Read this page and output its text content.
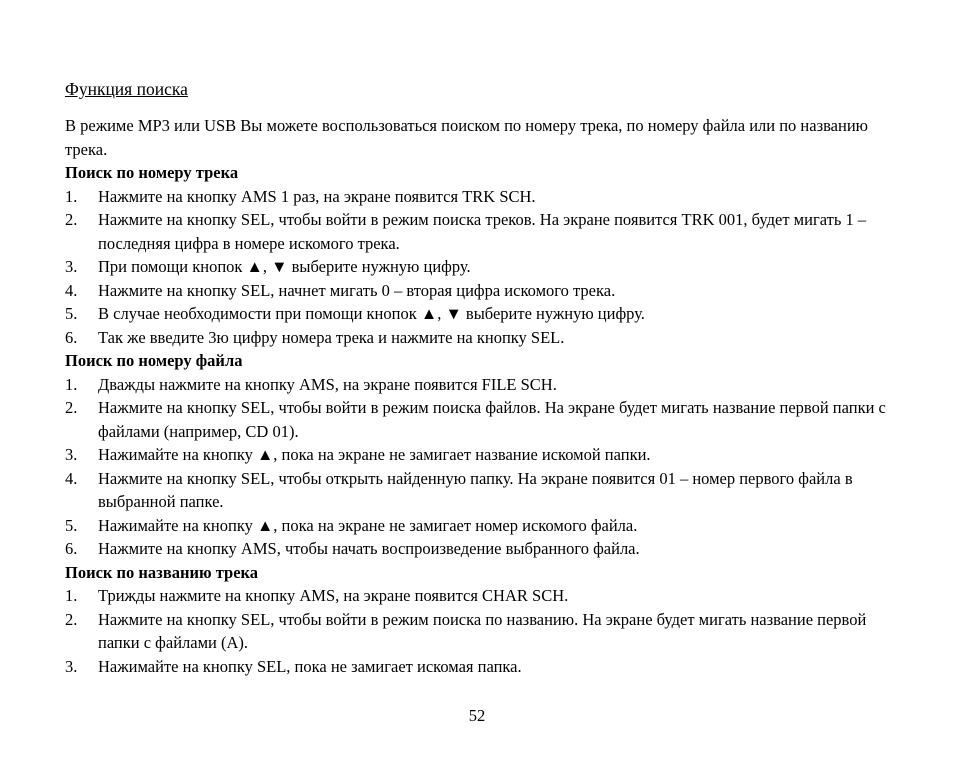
Функция поиска

В режиме MP3 или USB Вы можете воспользоваться поиском по номеру трека, по номеру файла или по названию трека.

Поиск по номеру трека
1. Нажмите на кнопку AMS 1 раз, на экране появится TRK SCH.
2. Нажмите на кнопку SEL, чтобы войти в режим поиска треков. На экране появится TRK 001, будет мигать 1 – последняя цифра в номере искомого трека.
3. При помощи кнопок ▲, ▼ выберите нужную цифру.
4. Нажмите на кнопку SEL, начнет мигать 0 – вторая цифра искомого трека.
5. В случае необходимости при помощи кнопок ▲, ▼ выберите нужную цифру.
6. Так же введите 3ю цифру номера трека и нажмите на кнопку SEL.
Поиск по номеру файла
1. Дважды нажмите на кнопку AMS, на экране появится FILE SCH.
2. Нажмите на кнопку SEL, чтобы войти в режим поиска файлов. На экране будет мигать название первой папки с файлами (например, CD 01).
3. Нажимайте на кнопку ▲, пока на экране не замигает название искомой папки.
4. Нажмите на кнопку SEL, чтобы открыть найденную папку. На экране появится 01 – номер первого файла в выбранной папке.
5. Нажимайте на кнопку ▲, пока на экране не замигает номер искомого файла.
6. Нажмите на кнопку AMS, чтобы начать воспроизведение выбранного файла.
Поиск по названию трека
1. Трижды нажмите на кнопку AMS, на экране появится CHAR SCH.
2. Нажмите на кнопку SEL, чтобы войти в режим поиска по названию. На экране будет мигать название первой папки с файлами (A).
3. Нажимайте на кнопку SEL, пока не замигает искомая папка.
52
